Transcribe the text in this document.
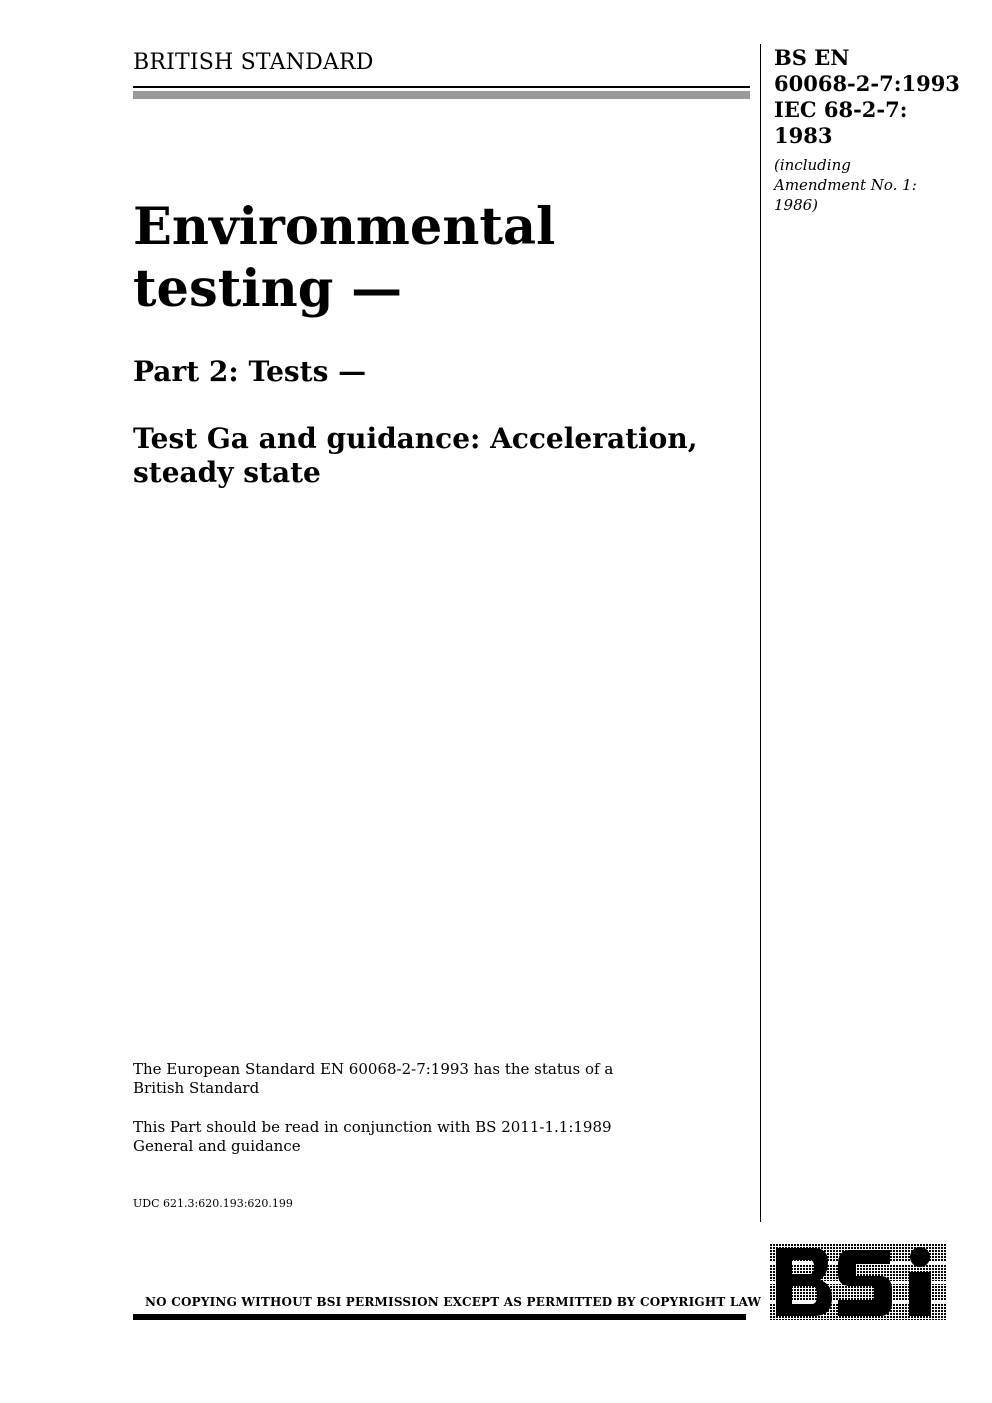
BRITISH STANDARD	BS EN
60068-2-7:1993
IEC 68-2-7:
1983
(including
Amendment No. 1:
1986)
Environmental
testing —
Part 2: Tests —
Test Ga and guidance: Acceleration,
steady state
The European Standard EN 60068-2-7:1993 has the status of a
British Standard
This Part should be read in conjunction with BS 2011-1.1:1989
General and guidance
UDC 621.3:620.193:620.199
NO COPYING WITHOUT BSI PERMISSION EXCEPT AS PERMITTED BY COPYRIGHT LAW
